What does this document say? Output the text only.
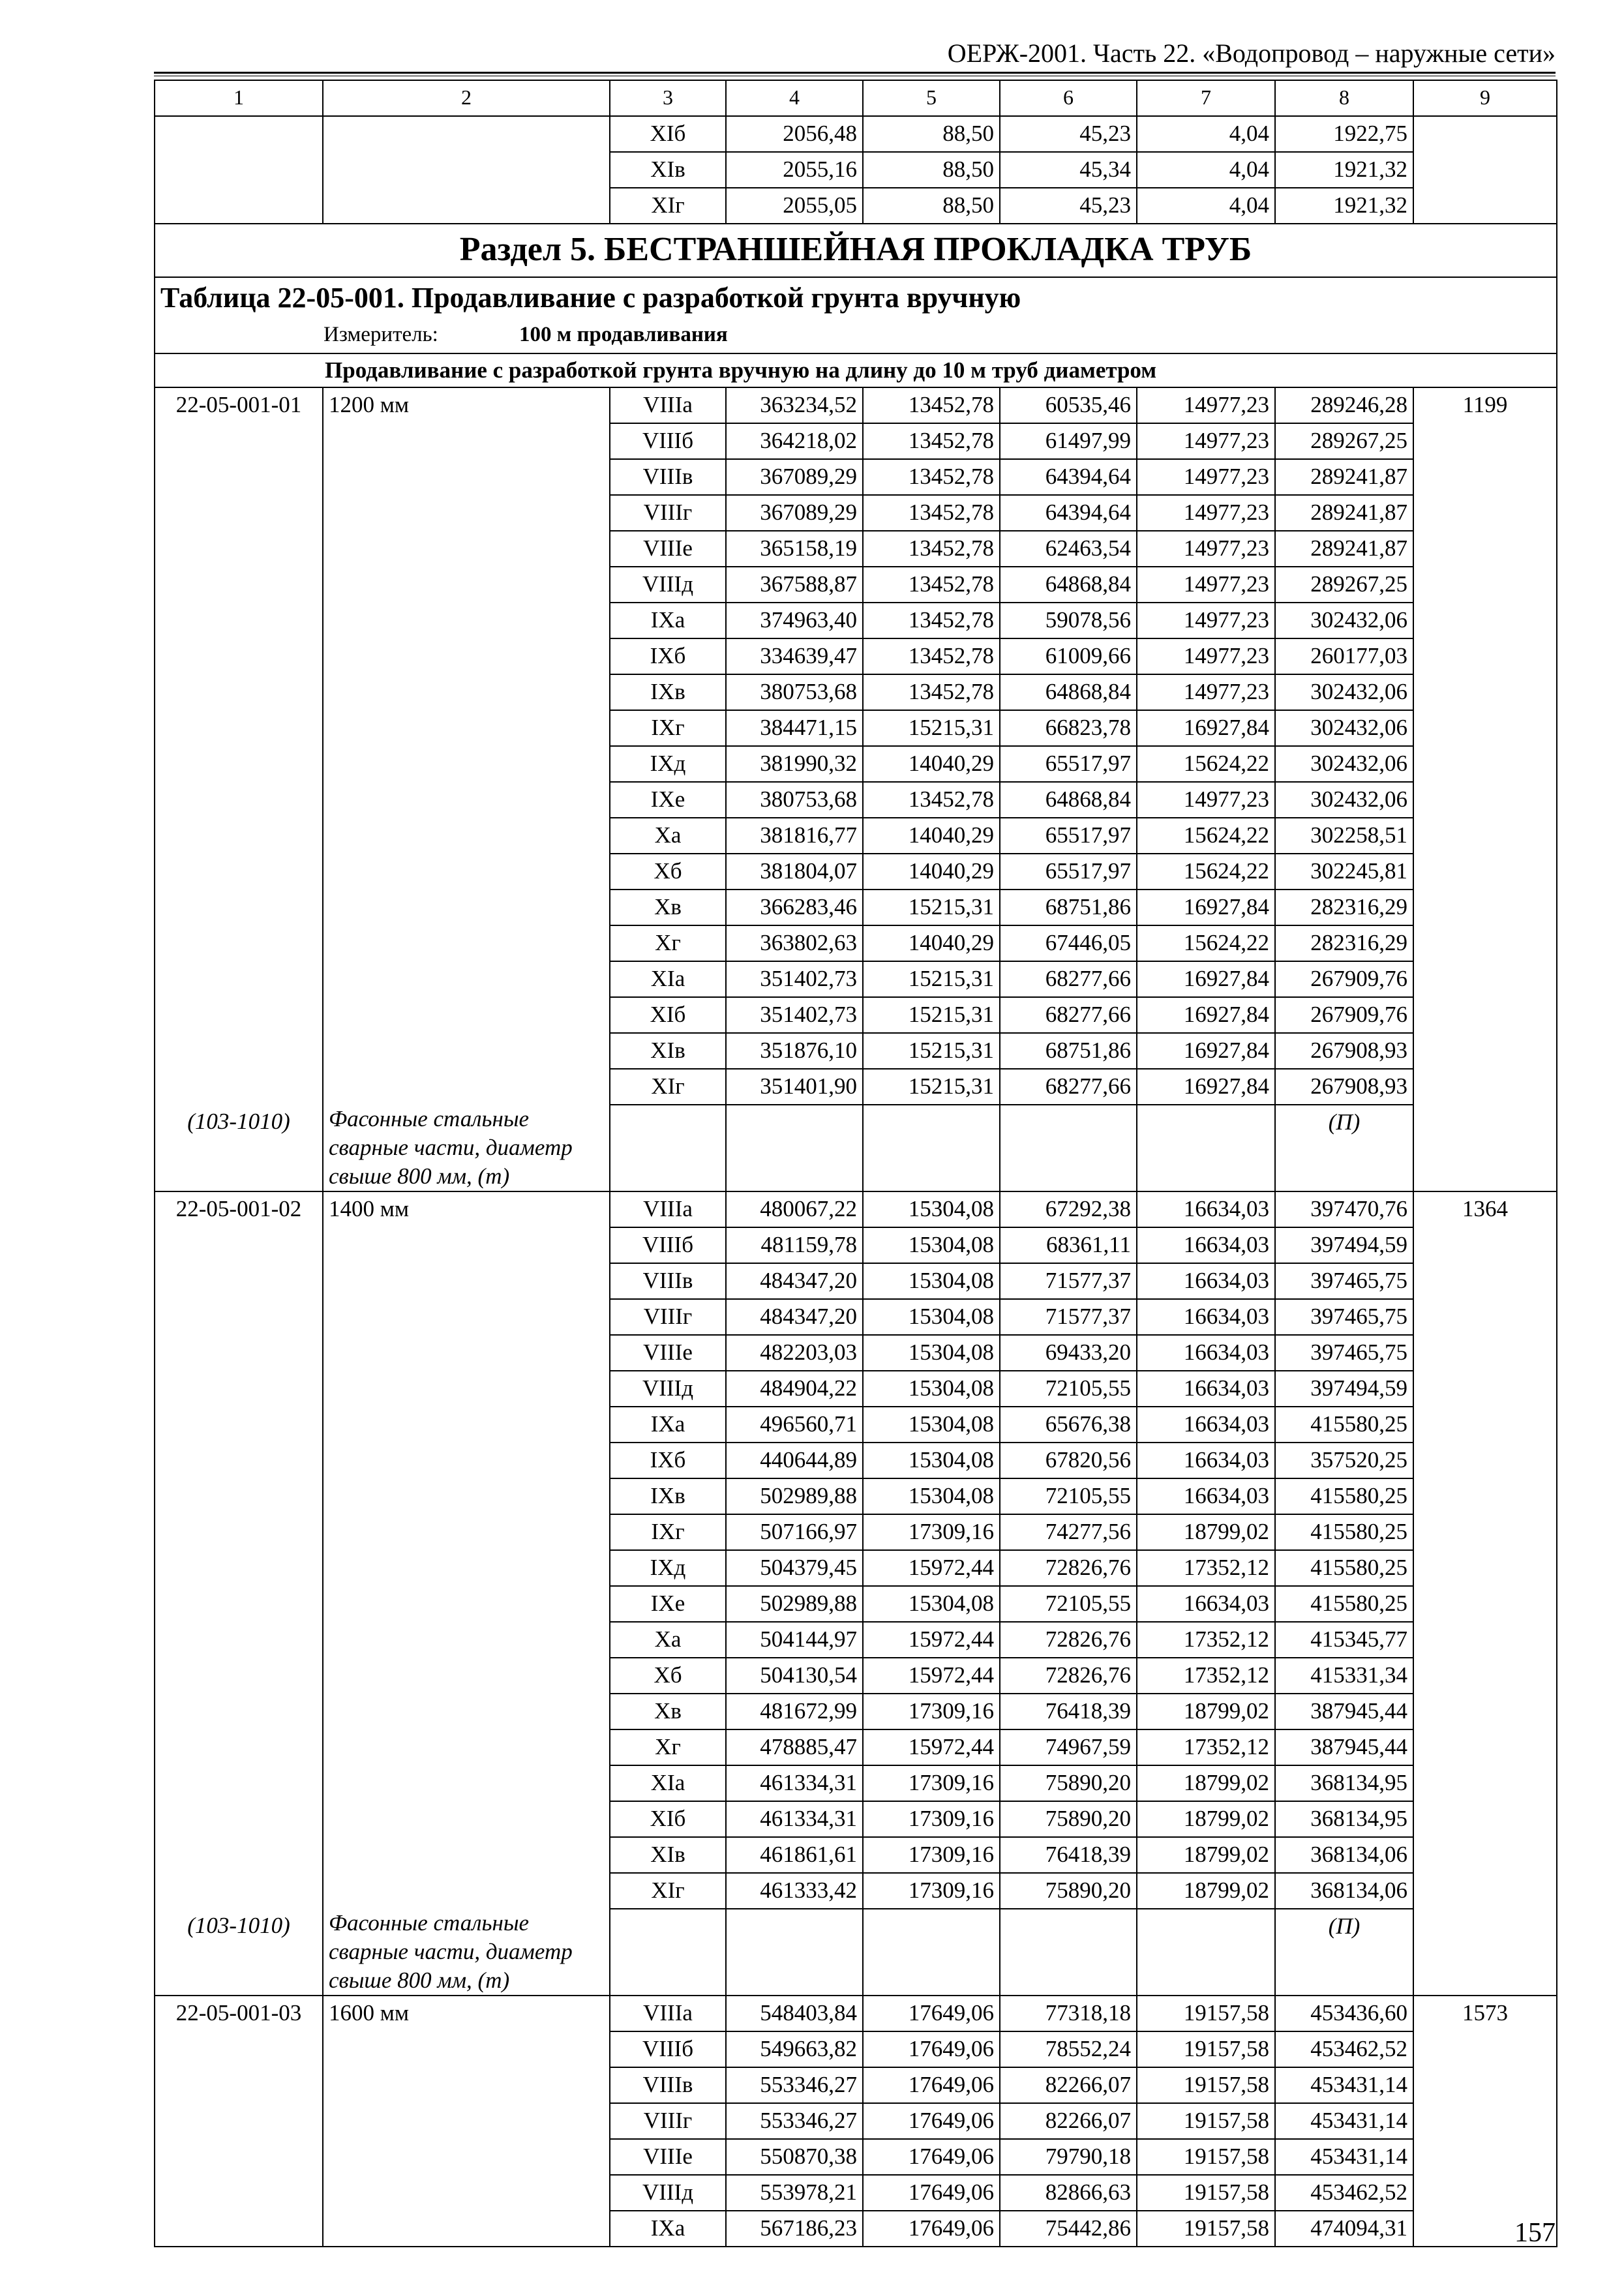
ОЕРЖ-2001. Часть 22. «Водопровод – наружные сети»
1	2	3	4	5	6	7	8	9
		XIб	2056,48	88,50	45,23	4,04	1922,75	
		XIв	2055,16	88,50	45,34	4,04	1921,32	
		XIг	2055,05	88,50	45,23	4,04	1921,32	
Раздел 5. БЕСТРАНШЕЙНАЯ ПРОКЛАДКА ТРУБ								
Таблица 22-05-001. Продавливание с разработкой грунта вручную								
Измеритель: 100 м продавливания								
Продавливание с разработкой грунта вручную на длину до 10 м труб диаметром								
22-05-001-01	1200 мм	VIIIа	363234,52	13452,78	60535,46	14977,23	289246,28	1199
		VIIIб	364218,02	13452,78	61497,99	14977,23	289267,25	
		VIIIв	367089,29	13452,78	64394,64	14977,23	289241,87	
		VIIIг	367089,29	13452,78	64394,64	14977,23	289241,87	
		VIIIе	365158,19	13452,78	62463,54	14977,23	289241,87	
		VIIIд	367588,87	13452,78	64868,84	14977,23	289267,25	
		IXа	374963,40	13452,78	59078,56	14977,23	302432,06	
		IXб	334639,47	13452,78	61009,66	14977,23	260177,03	
		IXв	380753,68	13452,78	64868,84	14977,23	302432,06	
		IXг	384471,15	15215,31	66823,78	16927,84	302432,06	
		IXд	381990,32	14040,29	65517,97	15624,22	302432,06	
		IXе	380753,68	13452,78	64868,84	14977,23	302432,06	
		Xа	381816,77	14040,29	65517,97	15624,22	302258,51	
		Xб	381804,07	14040,29	65517,97	15624,22	302245,81	
		Xв	366283,46	15215,31	68751,86	16927,84	282316,29	
		Xг	363802,63	14040,29	67446,05	15624,22	282316,29	
		XIа	351402,73	15215,31	68277,66	16927,84	267909,76	
		XIб	351402,73	15215,31	68277,66	16927,84	267909,76	
		XIв	351876,10	15215,31	68751,86	16927,84	267908,93	
		XIг	351401,90	15215,31	68277,66	16927,84	267908,93	
(103-1010)	Фасонные стальные сварные части, диаметр свыше 800 мм, (т)						(П)	
22-05-001-02	1400 мм	VIIIа	480067,22	15304,08	67292,38	16634,03	397470,76	1364
		VIIIб	481159,78	15304,08	68361,11	16634,03	397494,59	
		VIIIв	484347,20	15304,08	71577,37	16634,03	397465,75	
		VIIIг	484347,20	15304,08	71577,37	16634,03	397465,75	
		VIIIе	482203,03	15304,08	69433,20	16634,03	397465,75	
		VIIIд	484904,22	15304,08	72105,55	16634,03	397494,59	
		IXа	496560,71	15304,08	65676,38	16634,03	415580,25	
		IXб	440644,89	15304,08	67820,56	16634,03	357520,25	
		IXв	502989,88	15304,08	72105,55	16634,03	415580,25	
		IXг	507166,97	17309,16	74277,56	18799,02	415580,25	
		IXд	504379,45	15972,44	72826,76	17352,12	415580,25	
		IXе	502989,88	15304,08	72105,55	16634,03	415580,25	
		Xа	504144,97	15972,44	72826,76	17352,12	415345,77	
		Xб	504130,54	15972,44	72826,76	17352,12	415331,34	
		Xв	481672,99	17309,16	76418,39	18799,02	387945,44	
		Xг	478885,47	15972,44	74967,59	17352,12	387945,44	
		XIа	461334,31	17309,16	75890,20	18799,02	368134,95	
		XIб	461334,31	17309,16	75890,20	18799,02	368134,95	
		XIв	461861,61	17309,16	76418,39	18799,02	368134,06	
		XIг	461333,42	17309,16	75890,20	18799,02	368134,06	
(103-1010)	Фасонные стальные сварные части, диаметр свыше 800 мм, (т)						(П)	
22-05-001-03	1600 мм	VIIIа	548403,84	17649,06	77318,18	19157,58	453436,60	1573
		VIIIб	549663,82	17649,06	78552,24	19157,58	453462,52	
		VIIIв	553346,27	17649,06	82266,07	19157,58	453431,14	
		VIIIг	553346,27	17649,06	82266,07	19157,58	453431,14	
		VIIIе	550870,38	17649,06	79790,18	19157,58	453431,14	
		VIIIд	553978,21	17649,06	82866,63	19157,58	453462,52	
		IXа	567186,23	17649,06	75442,86	19157,58	474094,31		157
